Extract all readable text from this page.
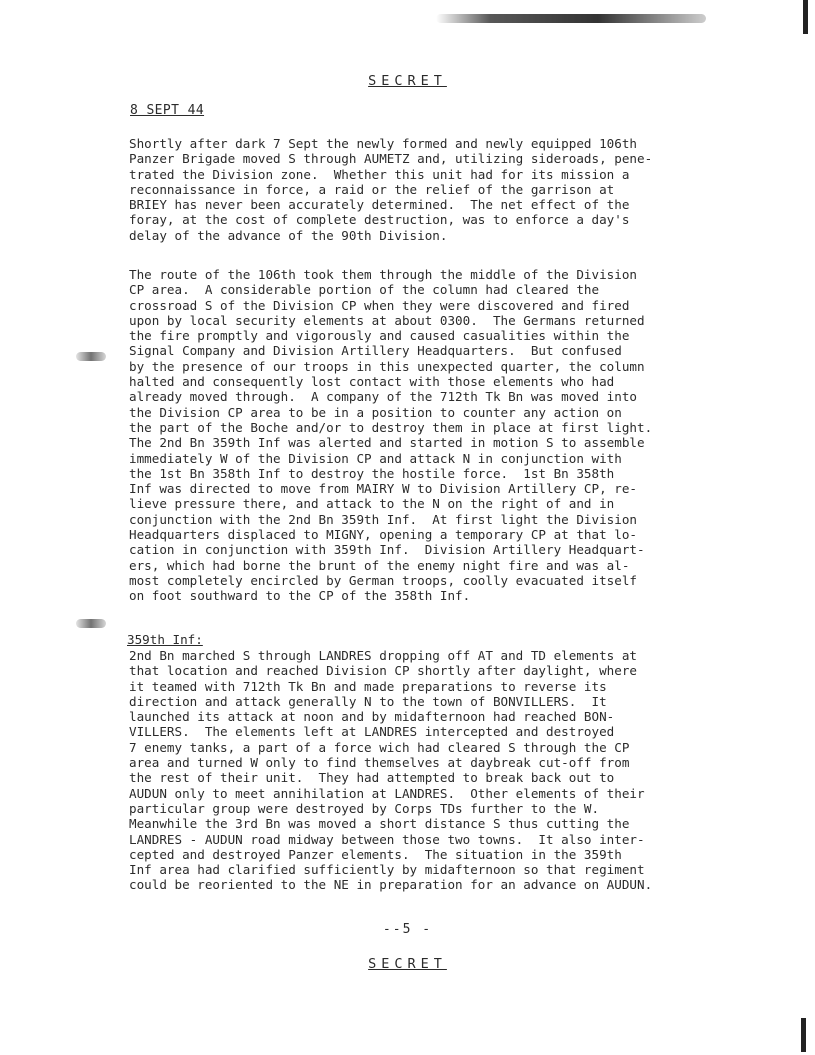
SECRET
8 SEPT 44

Shortly after dark 7 Sept the newly formed and newly equipped 106th
Panzer Brigade moved S through AUMETZ and, utilizing sideroads, pene-
trated the Division zone.  Whether this unit had for its mission a
reconnaissance in force, a raid or the relief of the garrison at
BRIEY has never been accurately determined.  The net effect of the
foray, at the cost of complete destruction, was to enforce a day's
delay of the advance of the 90th Division.

The route of the 106th took them through the middle of the Division
CP area.  A considerable portion of the column had cleared the
crossroad S of the Division CP when they were discovered and fired
upon by local security elements at about 0300.  The Germans returned
the fire promptly and vigorously and caused casualities within the
Signal Company and Division Artillery Headquarters.  But confused
by the presence of our troops in this unexpected quarter, the column
halted and consequently lost contact with those elements who had
already moved through.  A company of the 712th Tk Bn was moved into
the Division CP area to be in a position to counter any action on
the part of the Boche and/or to destroy them in place at first light.
The 2nd Bn 359th Inf was alerted and started in motion S to assemble
immediately W of the Division CP and attack N in conjunction with
the 1st Bn 358th Inf to destroy the hostile force.  1st Bn 358th
Inf was directed to move from MAIRY W to Division Artillery CP, re-
lieve pressure there, and attack to the N on the right of and in
conjunction with the 2nd Bn 359th Inf.  At first light the Division
Headquarters displaced to MIGNY, opening a temporary CP at that lo-
cation in conjunction with 359th Inf.  Division Artillery Headquart-
ers, which had borne the brunt of the enemy night fire and was al-
most completely encircled by German troops, coolly evacuated itself
on foot southward to the CP of the 358th Inf.

359th Inf:

2nd Bn marched S through LANDRES dropping off AT and TD elements at
that location and reached Division CP shortly after daylight, where
it teamed with 712th Tk Bn and made preparations to reverse its
direction and attack generally N to the town of BONVILLERS.  It
launched its attack at noon and by midafternoon had reached BON-
VILLERS.  The elements left at LANDRES intercepted and destroyed
7 enemy tanks, a part of a force wich had cleared S through the CP
area and turned W only to find themselves at daybreak cut-off from
the rest of their unit.  They had attempted to break back out to
AUDUN only to meet annihilation at LANDRES.  Other elements of their
particular group were destroyed by Corps TDs further to the W.
Meanwhile the 3rd Bn was moved a short distance S thus cutting the
LANDRES - AUDUN road midway between those two towns.  It also inter-
cepted and destroyed Panzer elements.  The situation in the 359th
Inf area had clarified sufficiently by midafternoon so that regiment
could be reoriented to the NE in preparation for an advance on AUDUN.

--5 -
SECRET
